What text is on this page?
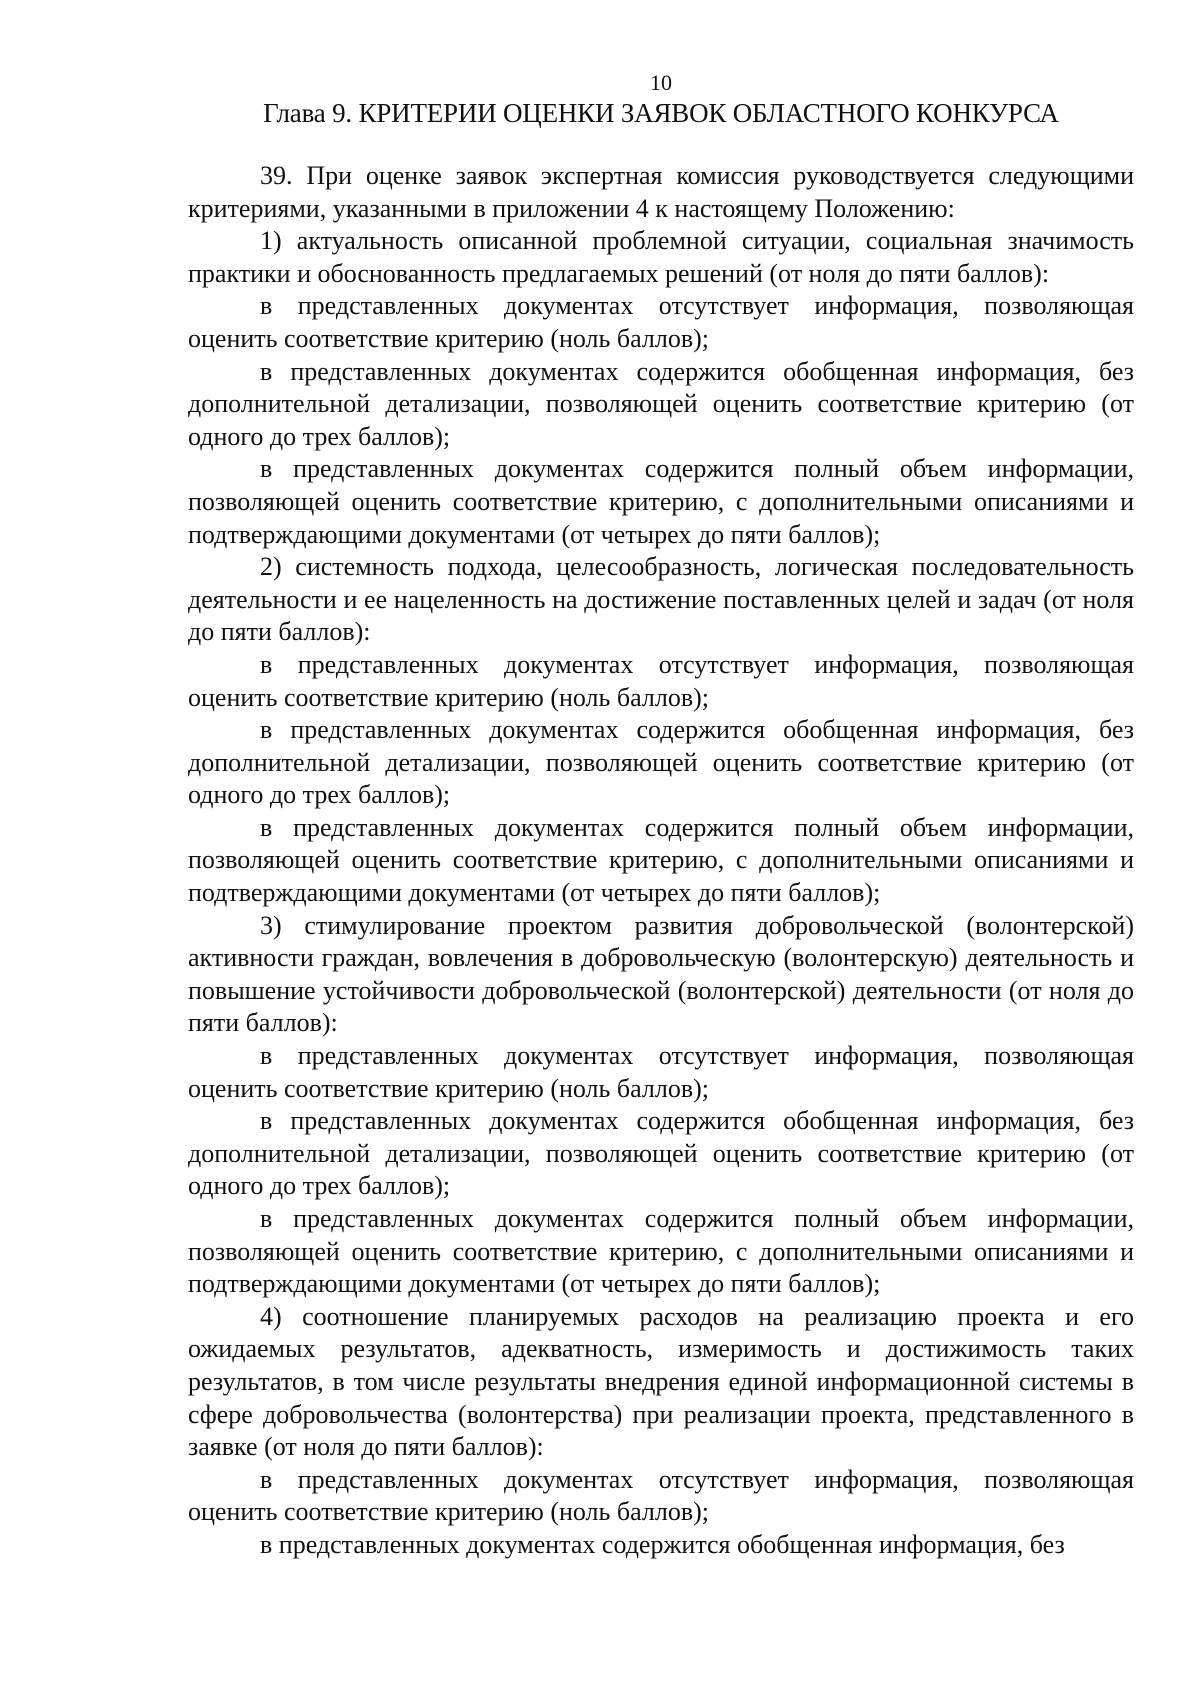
10
Глава 9. КРИТЕРИИ ОЦЕНКИ ЗАЯВОК ОБЛАСТНОГО КОНКУРСА

39. При оценке заявок экспертная комиссия руководствуется следующими критериями, указанными в приложении 4 к настоящему Положению:

1) актуальность описанной проблемной ситуации, социальная значимость практики и обоснованность предлагаемых решений (от ноля до пяти баллов):

в представленных документах отсутствует информация, позволяющая оценить соответствие критерию (ноль баллов);

в представленных документах содержится обобщенная информация, без дополнительной детализации, позволяющей оценить соответствие критерию (от одного до трех баллов);

в представленных документах содержится полный объем информации, позволяющей оценить соответствие критерию, с дополнительными описаниями и подтверждающими документами (от четырех до пяти баллов);

2) системность подхода, целесообразность, логическая последовательность деятельности и ее нацеленность на достижение поставленных целей и задач (от ноля до пяти баллов):

в представленных документах отсутствует информация, позволяющая оценить соответствие критерию (ноль баллов);

в представленных документах содержится обобщенная информация, без дополнительной детализации, позволяющей оценить соответствие критерию (от одного до трех баллов);

в представленных документах содержится полный объем информации, позволяющей оценить соответствие критерию, с дополнительными описаниями и подтверждающими документами (от четырех до пяти баллов);

3) стимулирование проектом развития добровольческой (волонтерской) активности граждан, вовлечения в добровольческую (волонтерскую) деятельность и повышение устойчивости добровольческой (волонтерской) деятельности (от ноля до пяти баллов):

в представленных документах отсутствует информация, позволяющая оценить соответствие критерию (ноль баллов);

в представленных документах содержится обобщенная информация, без дополнительной детализации, позволяющей оценить соответствие критерию (от одного до трех баллов);

в представленных документах содержится полный объем информации, позволяющей оценить соответствие критерию, с дополнительными описаниями и подтверждающими документами (от четырех до пяти баллов);

4) соотношение планируемых расходов на реализацию проекта и его ожидаемых результатов, адекватность, измеримость и достижимость таких результатов, в том числе результаты внедрения единой информационной системы в сфере добровольчества (волонтерства) при реализации проекта, представленного в заявке (от ноля до пяти баллов):

в представленных документах отсутствует информация, позволяющая оценить соответствие критерию (ноль баллов);

в представленных документах содержится обобщенная информация, без
